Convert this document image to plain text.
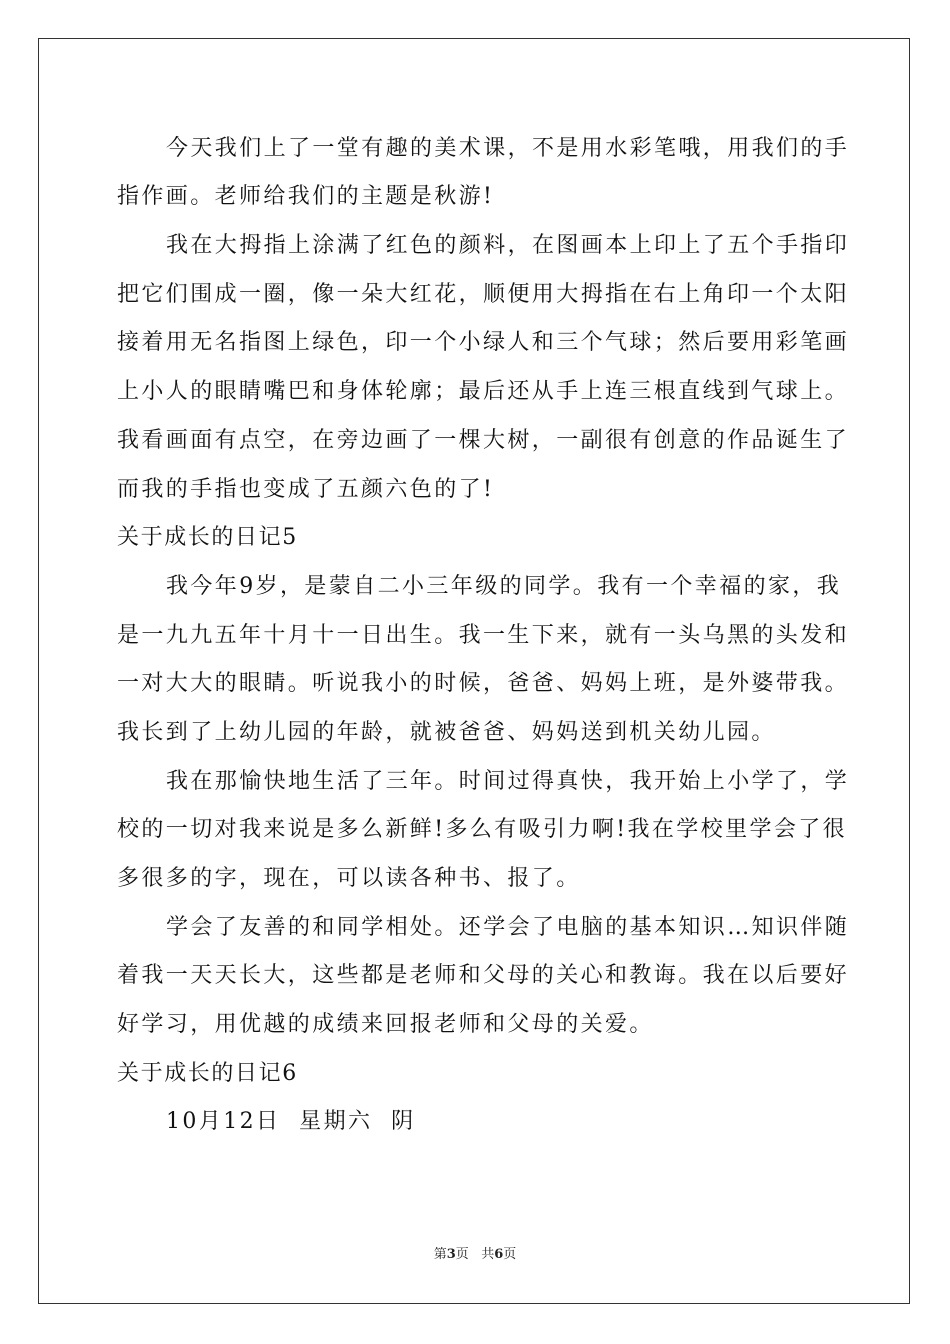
今天我们上了一堂有趣的美术课，不是用水彩笔哦，用我们的手
指作画。老师给我们的主题是秋游!
我在大拇指上涂满了红色的颜料，在图画本上印上了五个手指印
把它们围成一圈，像一朵大红花，顺便用大拇指在右上角印一个太阳
接着用无名指图上绿色，印一个小绿人和三个气球；然后要用彩笔画
上小人的眼睛嘴巴和身体轮廓；最后还从手上连三根直线到气球上。
我看画面有点空，在旁边画了一棵大树，一副很有创意的作品诞生了
而我的手指也变成了五颜六色的了!
关于成长的日记5
我今年9岁，是蒙自二小三年级的同学。我有一个幸福的家，我
是一九九五年十月十一日出生。我一生下来，就有一头乌黑的头发和
一对大大的眼睛。听说我小的时候，爸爸、妈妈上班，是外婆带我。
我长到了上幼儿园的年龄，就被爸爸、妈妈送到机关幼儿园。
我在那愉快地生活了三年。时间过得真快，我开始上小学了，学
校的一切对我来说是多么新鲜!多么有吸引力啊!我在学校里学会了很
多很多的字，现在，可以读各种书、报了。
学会了友善的和同学相处。还学会了电脑的基本知识…知识伴随
着我一天天长大，这些都是老师和父母的关心和教诲。我在以后要好
好学习，用优越的成绩来回报老师和父母的关爱。
关于成长的日记6
10月12日  星期六  阴
第3页   共6页
